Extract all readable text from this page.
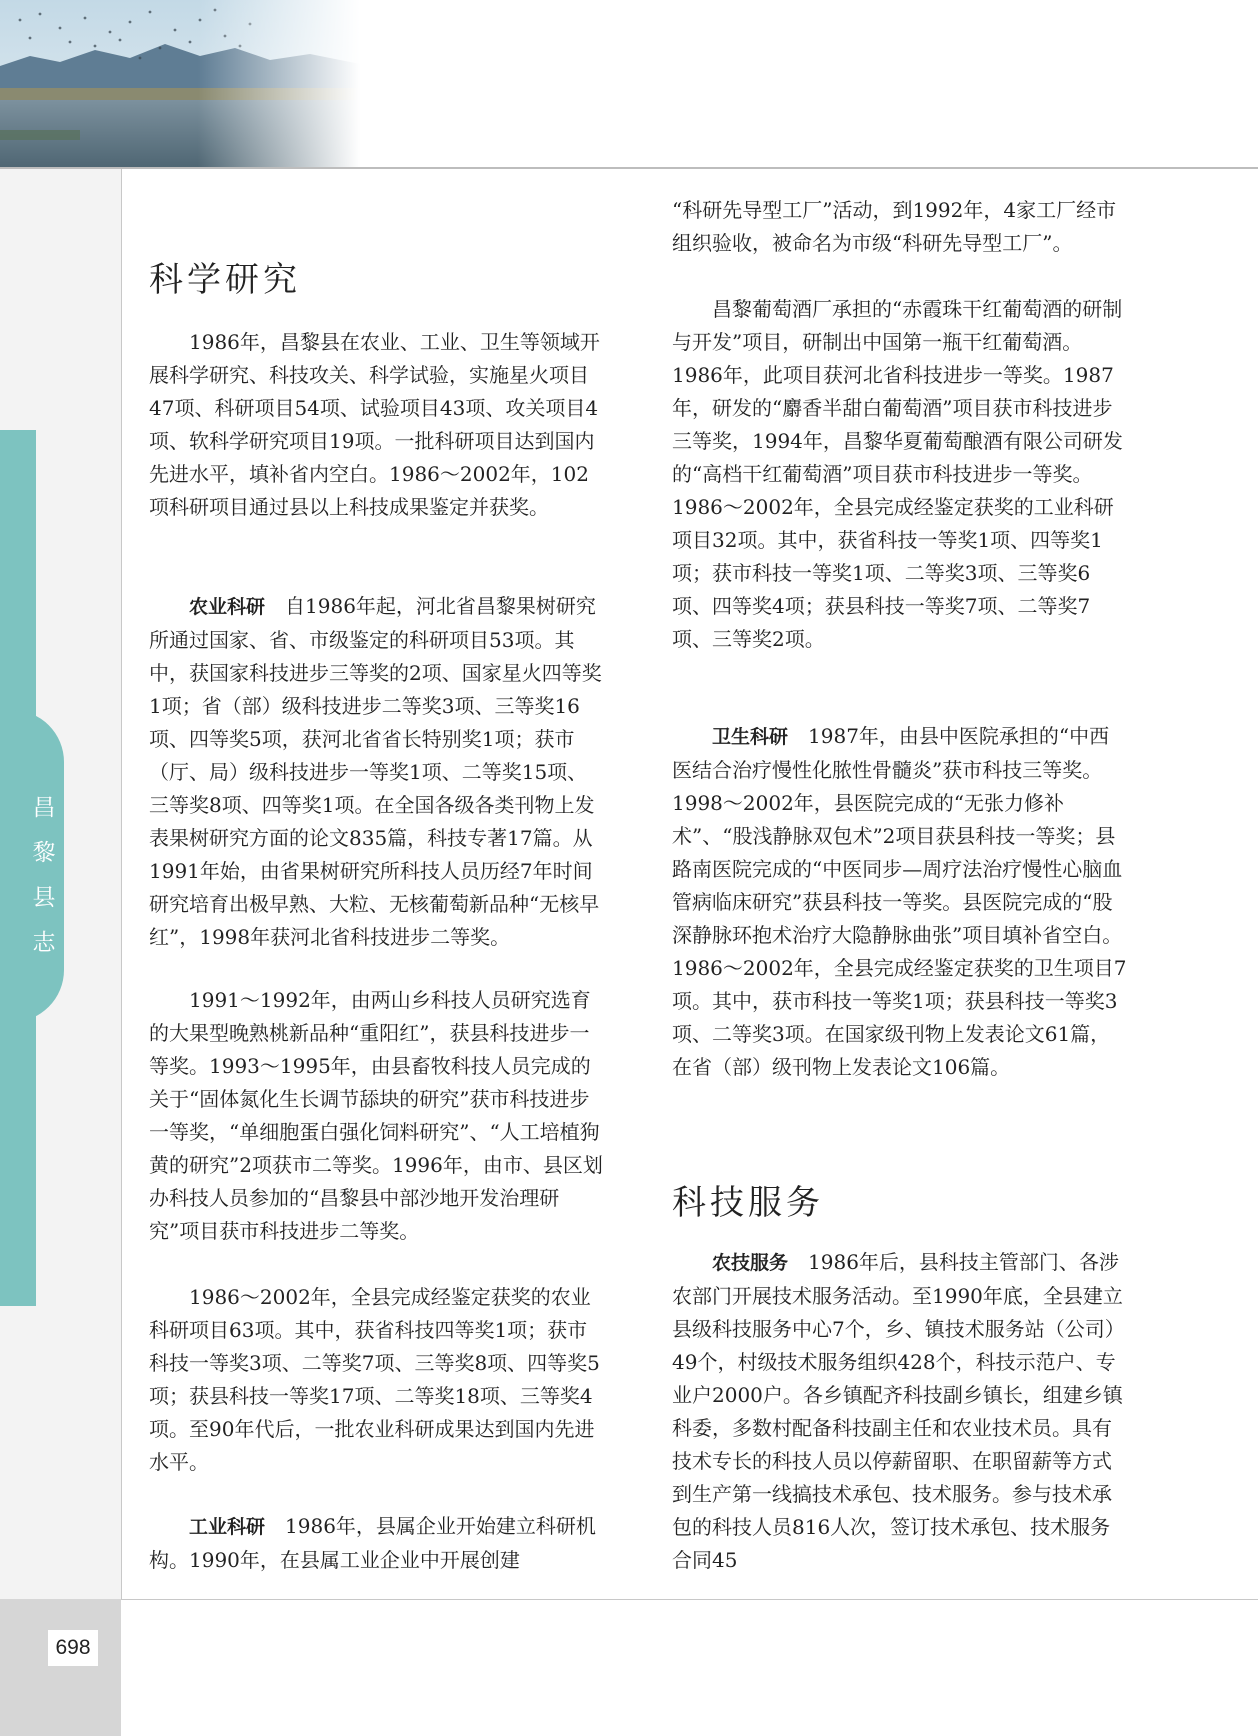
昌黎县志
科学研究

1986年，昌黎县在农业、工业、卫生等领域开展科学研究、科技攻关、科学试验，实施星火项目47项、科研项目54项、试验项目43项、攻关项目4项、软科学研究项目19项。一批科研项目达到国内先进水平，填补省内空白。1986～2002年，102项科研项目通过县以上科技成果鉴定并获奖。

农业科研　 自1986年起，河北省昌黎果树研究所通过国家、省、市级鉴定的科研项目53项。其中，获国家科技进步三等奖的2项、国家星火四等奖1项；省（部）级科技进步二等奖3项、三等奖16项、四等奖5项，获河北省省长特别奖1项；获市（厅、局）级科技进步一等奖1项、二等奖15项、三等奖8项、四等奖1项。在全国各级各类刊物上发表果树研究方面的论文835篇，科技专著17篇。从1991年始，由省果树研究所科技人员历经7年时间研究培育出极早熟、大粒、无核葡萄新品种“无核早红”，1998年获河北省科技进步二等奖。

1991～1992年，由两山乡科技人员研究选育的大果型晚熟桃新品种“重阳红”，获县科技进步一等奖。1993～1995年，由县畜牧科技人员完成的关于“固体氮化生长调节舔块的研究”获市科技进步一等奖，“单细胞蛋白强化饲料研究”、“人工培植狗黄的研究”2项获市二等奖。1996年，由市、县区划办科技人员参加的“昌黎县中部沙地开发治理研究”项目获市科技进步二等奖。

1986～2002年，全县完成经鉴定获奖的农业科研项目63项。其中，获省科技四等奖1项；获市科技一等奖3项、二等奖7项、三等奖8项、四等奖5项；获县科技一等奖17项、二等奖18项、三等奖4项。至90年代后，一批农业科研成果达到国内先进水平。

工业科研　 1986年，县属企业开始建立科研机构。1990年，在县属工业企业中开展创建

“科研先导型工厂”活动，到1992年，4家工厂经市组织验收，被命名为市级“科研先导型工厂”。

昌黎葡萄酒厂承担的“赤霞珠干红葡萄酒的研制与开发”项目，研制出中国第一瓶干红葡萄酒。1986年，此项目获河北省科技进步一等奖。1987年，研发的“麝香半甜白葡萄酒”项目获市科技进步三等奖，1994年，昌黎华夏葡萄酿酒有限公司研发的“高档干红葡萄酒”项目获市科技进步一等奖。1986～2002年，全县完成经鉴定获奖的工业科研项目32项。其中，获省科技一等奖1项、四等奖1项；获市科技一等奖1项、二等奖3项、三等奖6项、四等奖4项；获县科技一等奖7项、二等奖7项、三等奖2项。

卫生科研　 1987年，由县中医院承担的“中西医结合治疗慢性化脓性骨髓炎”获市科技三等奖。1998～2002年，县医院完成的“无张力修补术”、“股浅静脉双包术”2项目获县科技一等奖；县路南医院完成的“中医同步—周疗法治疗慢性心脑血管病临床研究”获县科技一等奖。县医院完成的“股深静脉环抱术治疗大隐静脉曲张”项目填补省空白。1986～2002年，全县完成经鉴定获奖的卫生项目7项。其中，获市科技一等奖1项；获县科技一等奖3项、二等奖3项。在国家级刊物上发表论文61篇，在省（部）级刊物上发表论文106篇。

科技服务

农技服务　 1986年后，县科技主管部门、各涉农部门开展技术服务活动。至1990年底，全县建立县级科技服务中心7个，乡、镇技术服务站（公司）49个，村级技术服务组织428个，科技示范户、专业户2000户。各乡镇配齐科技副乡镇长，组建乡镇科委，多数村配备科技副主任和农业技术员。具有技术专长的科技人员以停薪留职、在职留薪等方式到生产第一线搞技术承包、技术服务。参与技术承包的科技人员816人次，签订技术承包、技术服务合同45

698
